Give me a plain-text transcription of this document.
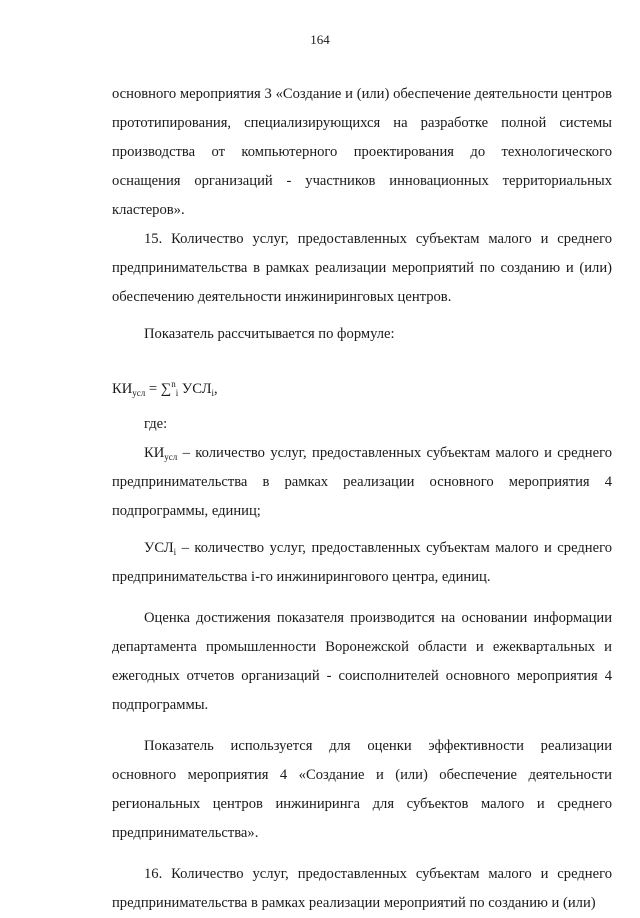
164

основного мероприятия 3 «Создание и (или) обеспечение деятельности центров прототипирования, специализирующихся на разработке полной системы производства от компьютерного проектирования до технологического оснащения организаций - участников инновационных территориальных кластеров».

15. Количество услуг, предоставленных субъектам малого и среднего предпринимательства в рамках реализации мероприятий по созданию и (или) обеспечению деятельности инжиниринговых центров.

Показатель рассчитывается по формуле:

$КИ_{усл} = \sum^n_i$ $УСЛ_i$,

где:

$КИ_{усл}$ – количество услуг, предоставленных субъектам малого и среднего предпринимательства в рамках реализации основного мероприятия 4 подпрограммы, единиц;

$УСЛ_i$ – количество услуг, предоставленных субъектам малого и среднего предпринимательства i-го инжинирингового центра, единиц.

Оценка достижения показателя производится на основании информации департамента промышленности Воронежской области и ежеквартальных и ежегодных отчетов организаций - соисполнителей основного мероприятия 4 подпрограммы.

Показатель используется для оценки эффективности реализации основного мероприятия 4 «Создание и (или) обеспечение деятельности региональных центров инжиниринга для субъектов малого и среднего предпринимательства».

16. Количество услуг, предоставленных субъектам малого и среднего предпринимательства в рамках реализации мероприятий по созданию и (или)
